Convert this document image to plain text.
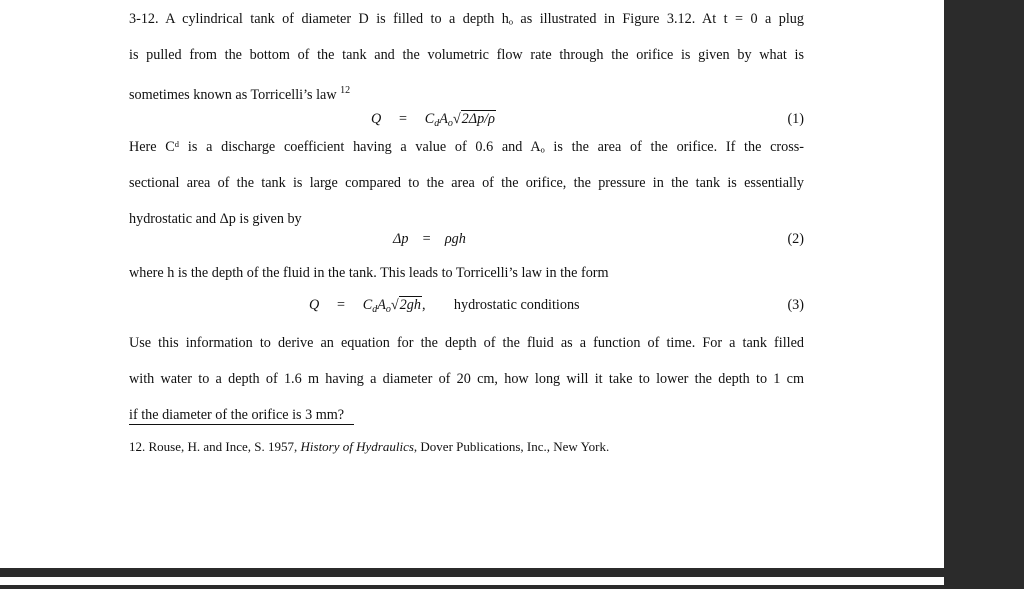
3-12. A cylindrical tank of diameter D is filled to a depth hₒ as illustrated in Figure 3.12. At t = 0 a plug
is pulled from the bottom of the tank and the volumetric flow rate through the orifice is given by what is
sometimes known as Torricelli’s law $^{12}$
$Q = C_dA_o√2\Delta p/\rho$	(1)
Here Cᵈ is a discharge coefficient having a value of 0.6 and Aₒ is the area of the orifice. If the cross-
sectional area of the tank is large compared to the area of the orifice, the pressure in the tank is essentially
hydrostatic and Δp is given by
Δp = ρgh	(2)
where h is the depth of the fluid in the tank. This leads to Torricelli’s law in the form
$Q = C_dA_o√2gh$, hydrostatic conditions	(3)
Use this information to derive an equation for the depth of the fluid as a function of time. For a tank filled
with water to a depth of 1.6 m having a diameter of 20 cm, how long will it take to lower the depth to 1 cm
if the diameter of the orifice is 3 mm?
12. Rouse, H. and Ince, S. 1957, History of Hydraulics, Dover Publications, Inc., New York.
